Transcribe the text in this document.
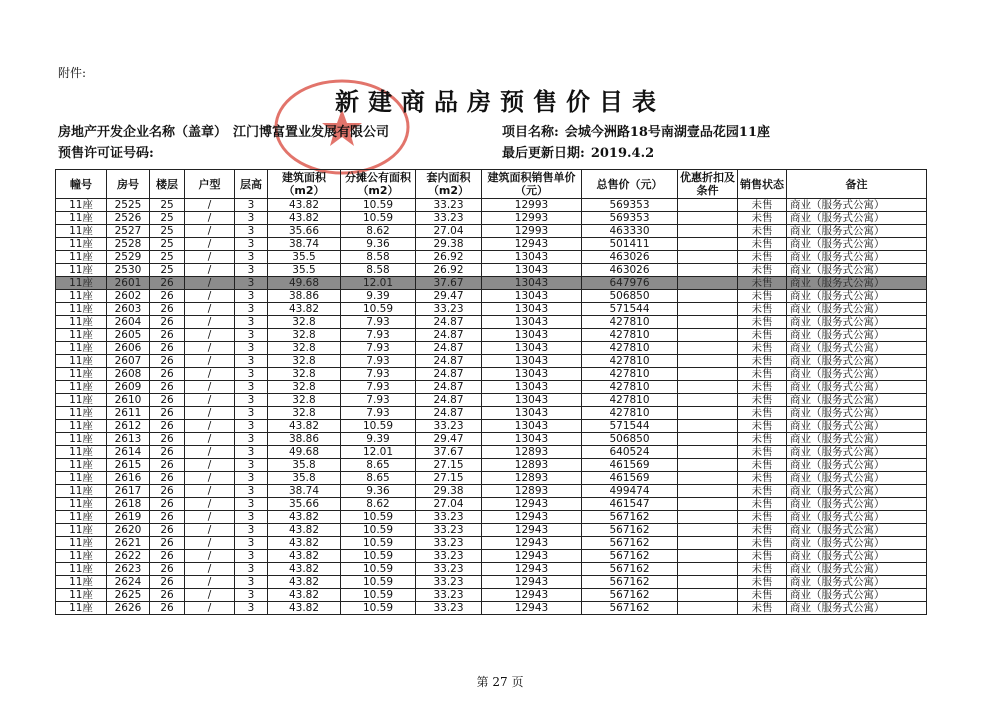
附件:
新建商品房预售价目表
房地产开发企业名称（盖章） 江门博富置业发展有限公司
预售许可证号码:
项目名称: 会城今洲路18号南湖壹品花园11座
最后更新日期: 2019.4.2
幢号	房号	楼层	户型	层高	建筑面积（m2）	分摊公有面积（m2）	套内面积（m2）	建筑面积销售单价（元）	总售价（元）	优惠折扣及条件	销售状态	备注
11座	2525	25	/	3	43.82	10.59	33.23	12993	569353		未售	商业（服务式公寓）
11座	2526	25	/	3	43.82	10.59	33.23	12993	569353		未售	商业（服务式公寓）
11座	2527	25	/	3	35.66	8.62	27.04	12993	463330		未售	商业（服务式公寓）
11座	2528	25	/	3	38.74	9.36	29.38	12943	501411		未售	商业（服务式公寓）
11座	2529	25	/	3	35.5	8.58	26.92	13043	463026		未售	商业（服务式公寓）
11座	2530	25	/	3	35.5	8.58	26.92	13043	463026		未售	商业（服务式公寓）
11座	2601	26	/	3	49.68	12.01	37.67	13043	647976		未售	商业（服务式公寓）
11座	2602	26	/	3	38.86	9.39	29.47	13043	506850		未售	商业（服务式公寓）
11座	2603	26	/	3	43.82	10.59	33.23	13043	571544		未售	商业（服务式公寓）
11座	2604	26	/	3	32.8	7.93	24.87	13043	427810		未售	商业（服务式公寓）
11座	2605	26	/	3	32.8	7.93	24.87	13043	427810		未售	商业（服务式公寓）
11座	2606	26	/	3	32.8	7.93	24.87	13043	427810		未售	商业（服务式公寓）
11座	2607	26	/	3	32.8	7.93	24.87	13043	427810		未售	商业（服务式公寓）
11座	2608	26	/	3	32.8	7.93	24.87	13043	427810		未售	商业（服务式公寓）
11座	2609	26	/	3	32.8	7.93	24.87	13043	427810		未售	商业（服务式公寓）
11座	2610	26	/	3	32.8	7.93	24.87	13043	427810		未售	商业（服务式公寓）
11座	2611	26	/	3	32.8	7.93	24.87	13043	427810		未售	商业（服务式公寓）
11座	2612	26	/	3	43.82	10.59	33.23	13043	571544		未售	商业（服务式公寓）
11座	2613	26	/	3	38.86	9.39	29.47	13043	506850		未售	商业（服务式公寓）
11座	2614	26	/	3	49.68	12.01	37.67	12893	640524		未售	商业（服务式公寓）
11座	2615	26	/	3	35.8	8.65	27.15	12893	461569		未售	商业（服务式公寓）
11座	2616	26	/	3	35.8	8.65	27.15	12893	461569		未售	商业（服务式公寓）
11座	2617	26	/	3	38.74	9.36	29.38	12893	499474		未售	商业（服务式公寓）
11座	2618	26	/	3	35.66	8.62	27.04	12943	461547		未售	商业（服务式公寓）
11座	2619	26	/	3	43.82	10.59	33.23	12943	567162		未售	商业（服务式公寓）
11座	2620	26	/	3	43.82	10.59	33.23	12943	567162		未售	商业（服务式公寓）
11座	2621	26	/	3	43.82	10.59	33.23	12943	567162		未售	商业（服务式公寓）
11座	2622	26	/	3	43.82	10.59	33.23	12943	567162		未售	商业（服务式公寓）
11座	2623	26	/	3	43.82	10.59	33.23	12943	567162		未售	商业（服务式公寓）
11座	2624	26	/	3	43.82	10.59	33.23	12943	567162		未售	商业（服务式公寓）
11座	2625	26	/	3	43.82	10.59	33.23	12943	567162		未售	商业（服务式公寓）
11座	2626	26	/	3	43.82	10.59	33.23	12943	567162		未售	商业（服务式公寓）
第 27 页
